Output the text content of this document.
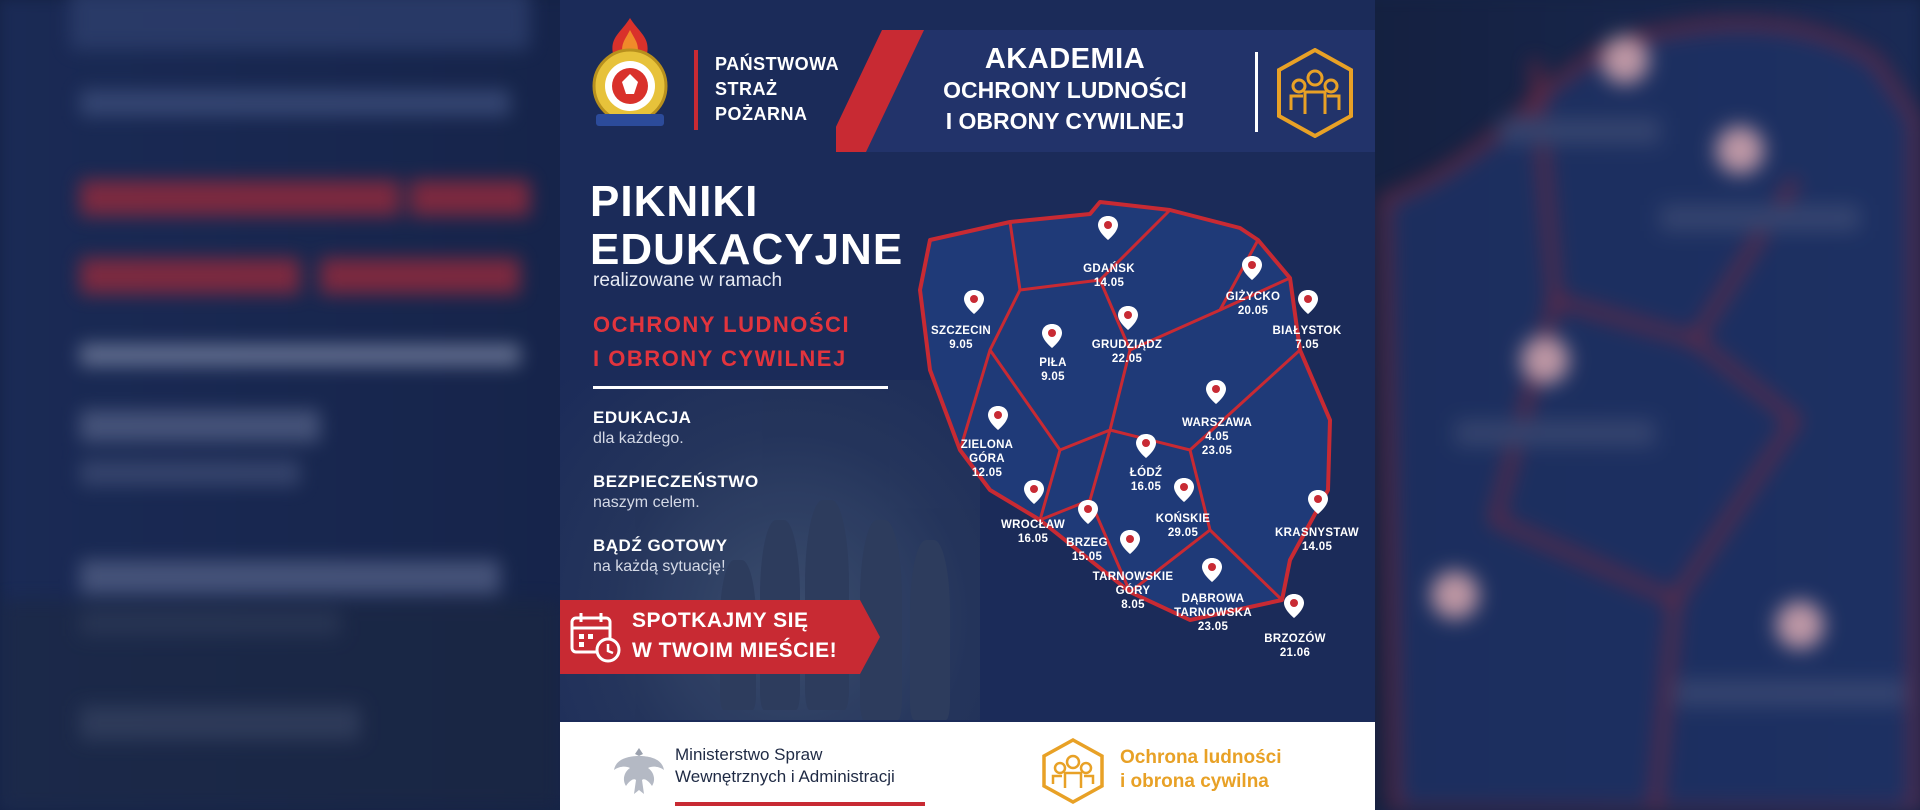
PAŃSTWOWA
STRAŻ
POŻARNA
AKADEMIA
OCHRONY LUDNOŚCI
I OBRONY CYWILNEJ
PIKNIKI
EDUKACYJNE
realizowane w ramach
OCHRONY LUDNOŚCI
I OBRONY CYWILNEJ
EDUKACJA
dla każdego.
BEZPIECZEŃSTWO
naszym celem.
BĄDŹ GOTOWY
na każdą sytuację!
SPOTKAJMY SIĘ
W TWOIM MIEŚCIE!
GDAŃSK
14.05
GIŻYCKO
20.05
BIAŁYSTOK
7.05
SZCZECIN
9.05
PIŁA
9.05
GRUDZIĄDZ
22.05
WARSZAWA
4.05
23.05
ZIELONA GÓRA
12.05	ŁÓDŹ
16.05
KOŃSKIE
29.05
WROCŁAW
16.05	BRZEG
15.05
KRASNYSTAW
14.05
TARNOWSKIE GÓRY
8.05	DĄBROWA TARNOWSKA
23.05
BRZOZÓW
21.06
Ministerstwo Spraw
Wewnętrznych i Administracji
Ochrona ludności
i obrona cywilna
